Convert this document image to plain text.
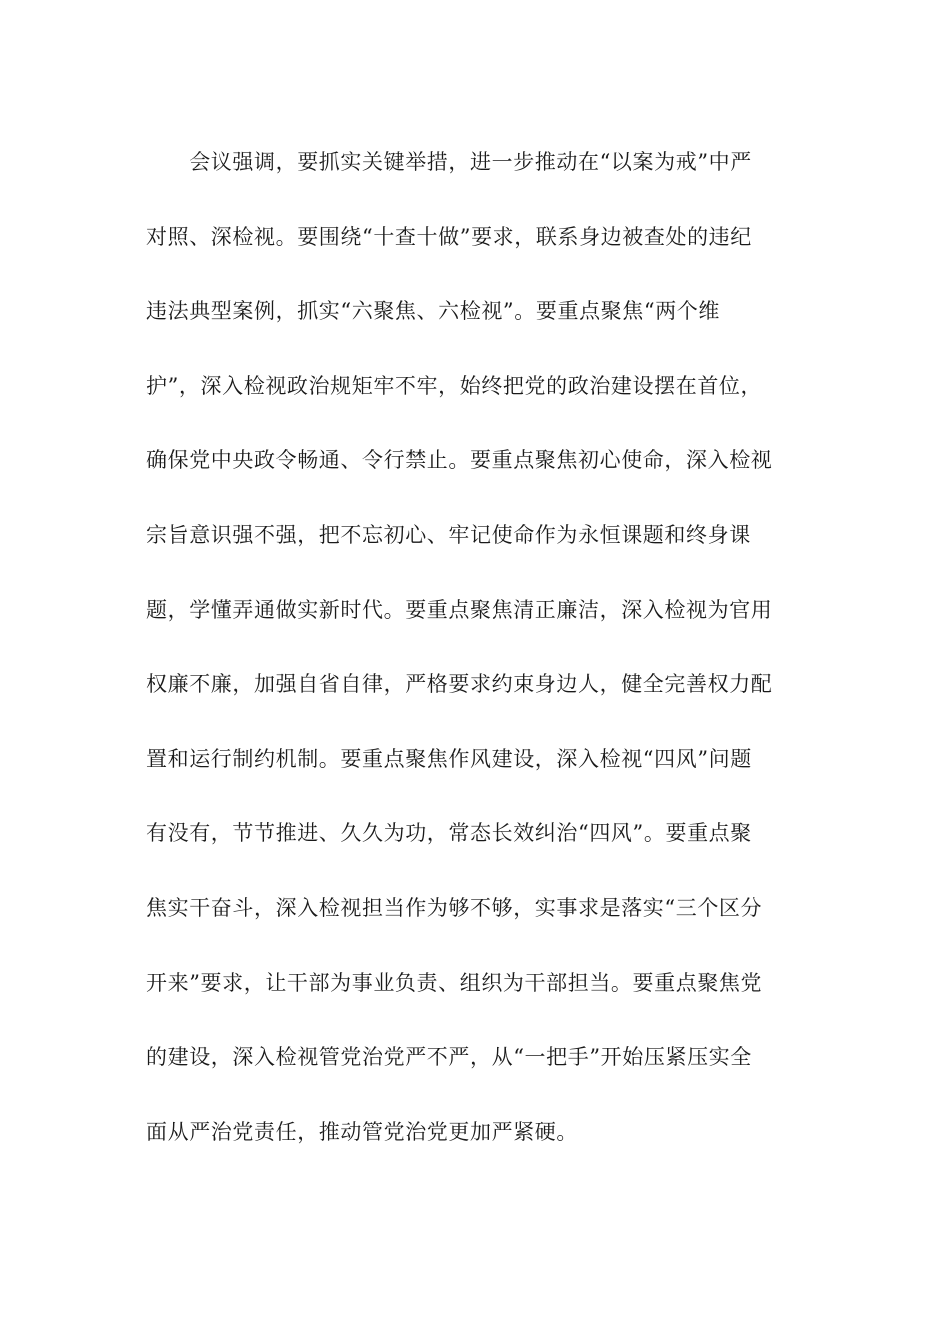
　　会议强调，要抓实关键举措，进一步推动在“以案为戒”中严
对照、深检视。要围绕“十查十做”要求，联系身边被查处的违纪
违法典型案例，抓实“六聚焦、六检视”。要重点聚焦“两个维
护”，深入检视政治规矩牢不牢，始终把党的政治建设摆在首位，
确保党中央政令畅通、令行禁止。要重点聚焦初心使命，深入检视
宗旨意识强不强，把不忘初心、牢记使命作为永恒课题和终身课
题，学懂弄通做实新时代。要重点聚焦清正廉洁，深入检视为官用
权廉不廉，加强自省自律，严格要求约束身边人，健全完善权力配
置和运行制约机制。要重点聚焦作风建设，深入检视“四风”问题
有没有，节节推进、久久为功，常态长效纠治“四风”。要重点聚
焦实干奋斗，深入检视担当作为够不够，实事求是落实“三个区分
开来”要求，让干部为事业负责、组织为干部担当。要重点聚焦党
的建设，深入检视管党治党严不严，从“一把手”开始压紧压实全
面从严治党责任，推动管党治党更加严紧硬。
